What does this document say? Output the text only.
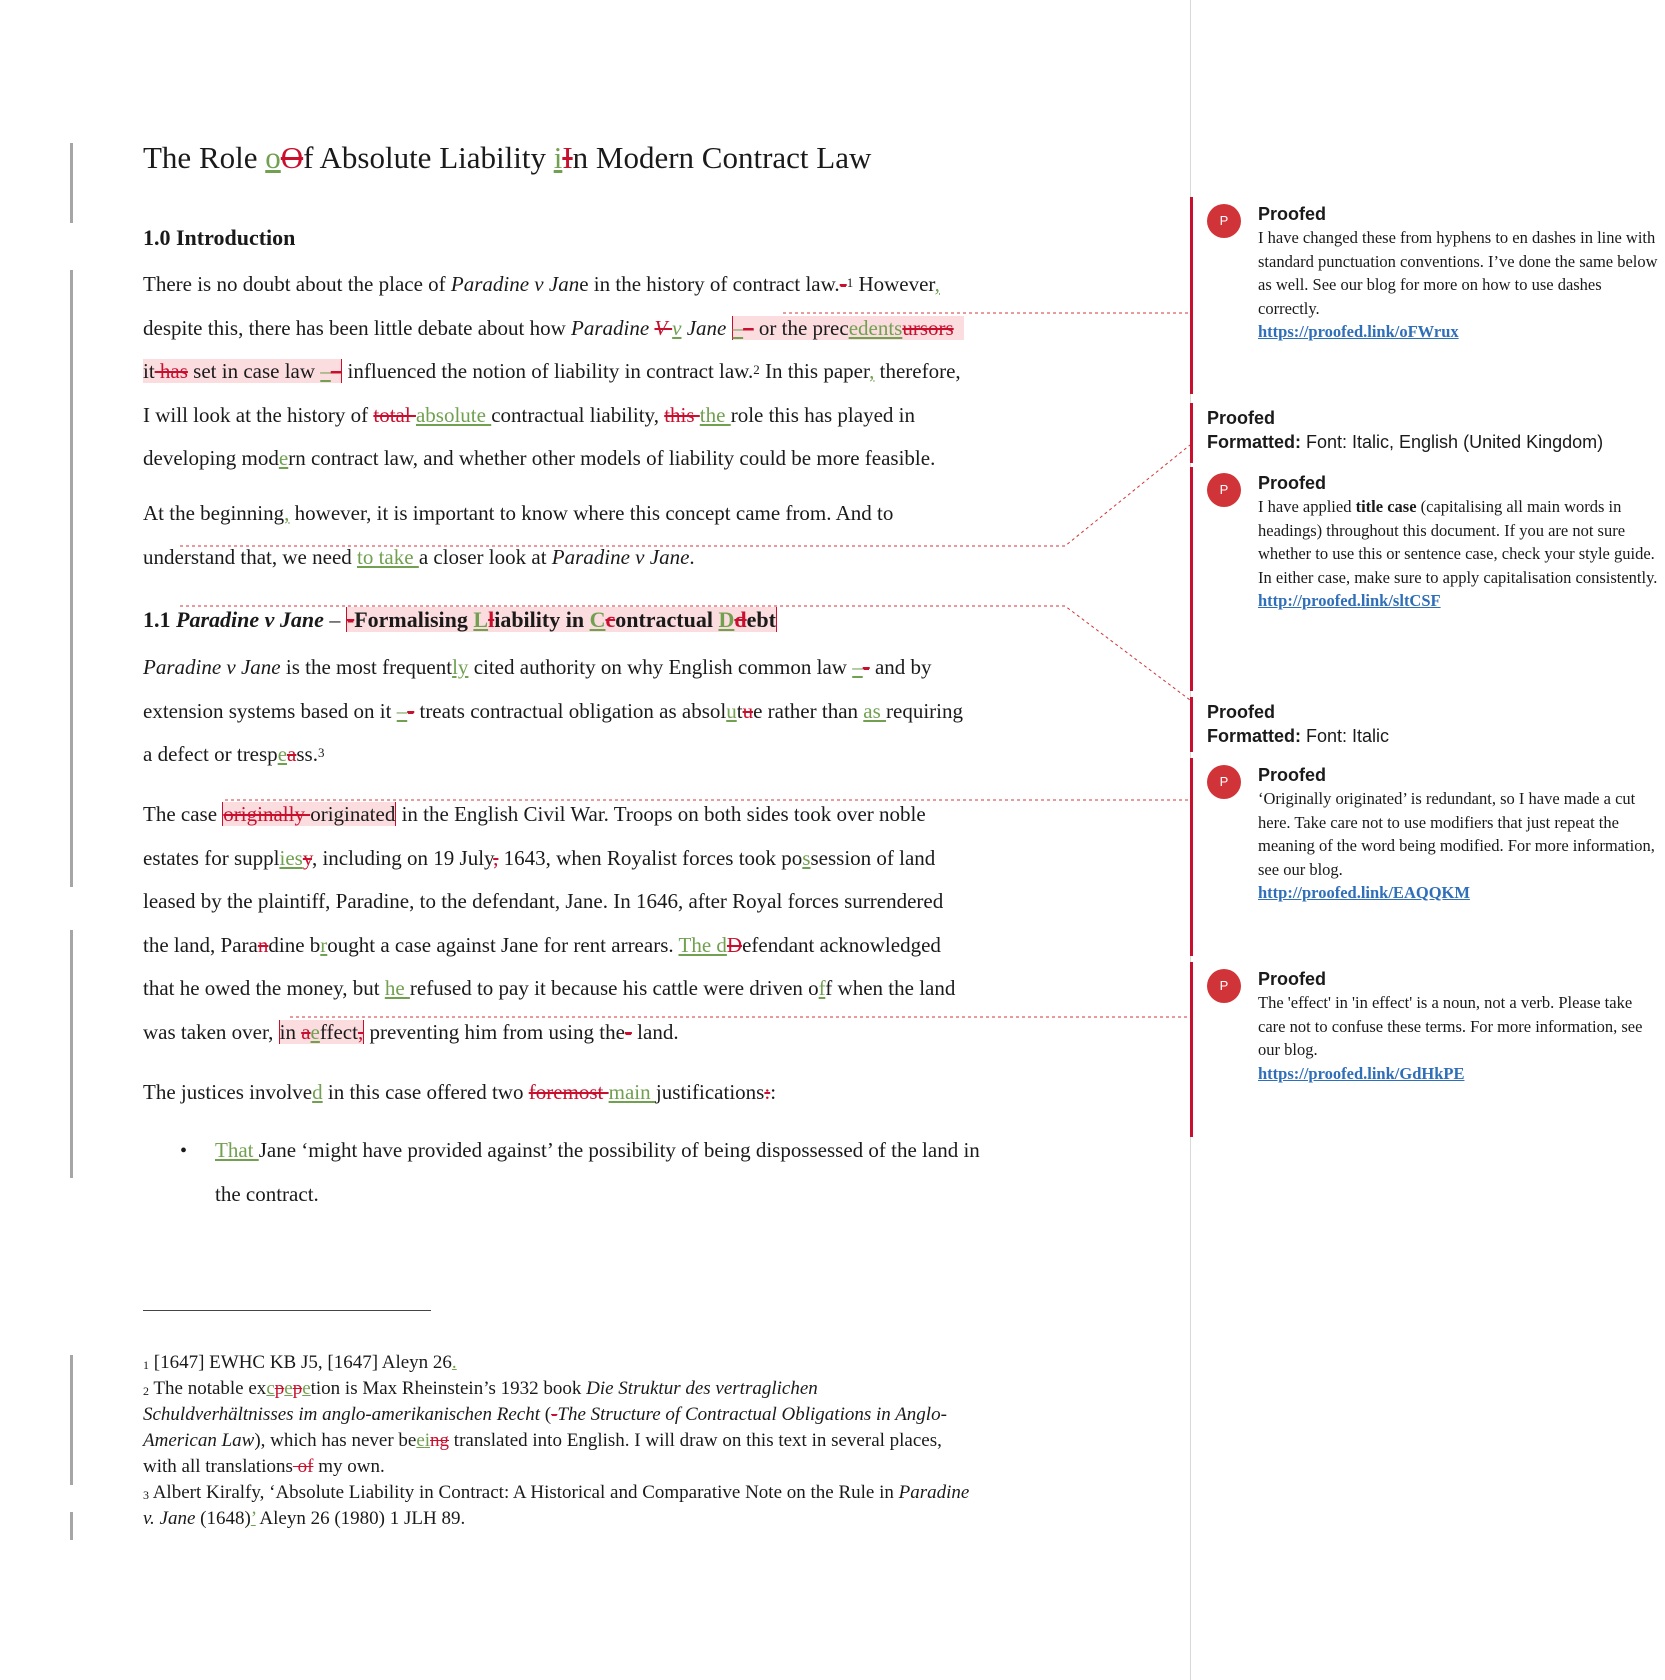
The Role oOf Absolute Liability iIn Modern Contract Law
1.0 Introduction
There is no doubt about the place of Paradine v Jane in the history of contract law.-$^1$ However,
despite this, there has been little debate about how Paradine V v Jane –– or the precedentsursors
it has set in case law –– influenced the notion of liability in contract law.$^2$ In this paper, therefore,
I will look at the history of total absolute contractual liability, this the role this has played in
developing modern contract law, and whether other models of liability could be more feasible.
At the beginning, however, it is important to know where this concept came from. And to
understand that, we need to take a closer look at Paradine v Jane.
1.1 Paradine v Jane – -Formalising Lliability in Ccontractual Ddebt
Paradine v Jane is the most frequently cited authority on why English common law –- and by
extension systems based on it –- treats contractual obligation as absolutue rather than as requiring
a defect or trespeass.$^3$
The case originally originated in the English Civil War. Troops on both sides took over noble
estates for suppliesy, including on 19 July, 1643, when Royalist forces took possession of land
leased by the plaintiff, Paradine, to the defendant, Jane. In 1646, after Royal forces surrendered
the land, Parandine brought a case against Jane for rent arrears. The dDefendant acknowledged
that he owed the money, but he refused to pay it because his cattle were driven off when the land
was taken over, in aeffect, preventing him from using the- land.
The justices involved in this case offered two foremost main justifications::
• That Jane ‘might have provided against’ the possibility of being dispossessed of the land in
the contract.
$^1$ [1647] EWHC KB J5, [1647] Aleyn 26.
$^2$ The notable excpepetion is Max Rheinstein’s 1932 book Die Struktur des vertraglichen
Schuldverhältnisses im anglo-amerikanischen Recht (-The Structure of Contractual Obligations in Anglo-
American Law), which has never beeing translated into English. I will draw on this text in several places,
with all translations of my own.
$^3$ Albert Kiralfy, ‘Absolute Liability in Contract: A Historical and Comparative Note on the Rule in Paradine
v. Jane (1648)’ Aleyn 26 (1980) 1 JLH 89.
P	Proofed
I have changed these from hyphens to en dashes in line with standard punctuation conventions. I’ve done the same below as well. See our blog for more on how to use dashes correctly.
https://proofed.link/oFWrux
Proofed
Formatted: Font: Italic, English (United Kingdom)
P	Proofed
I have applied title case (capitalising all main words in headings) throughout this document. If you are not sure whether to use this or sentence case, check your style guide. In either case, make sure to apply capitalisation consistently.
http://proofed.link/sltCSF
Proofed
Formatted: Font: Italic
P	Proofed
‘Originally originated’ is redundant, so I have made a cut here. Take care not to use modifiers that just repeat the meaning of the word being modified. For more information, see our blog.
http://proofed.link/EAQQKM
P	Proofed
The 'effect' in 'in effect' is a noun, not a verb. Please take care not to confuse these terms. For more information, see our blog.
https://proofed.link/GdHkPE
